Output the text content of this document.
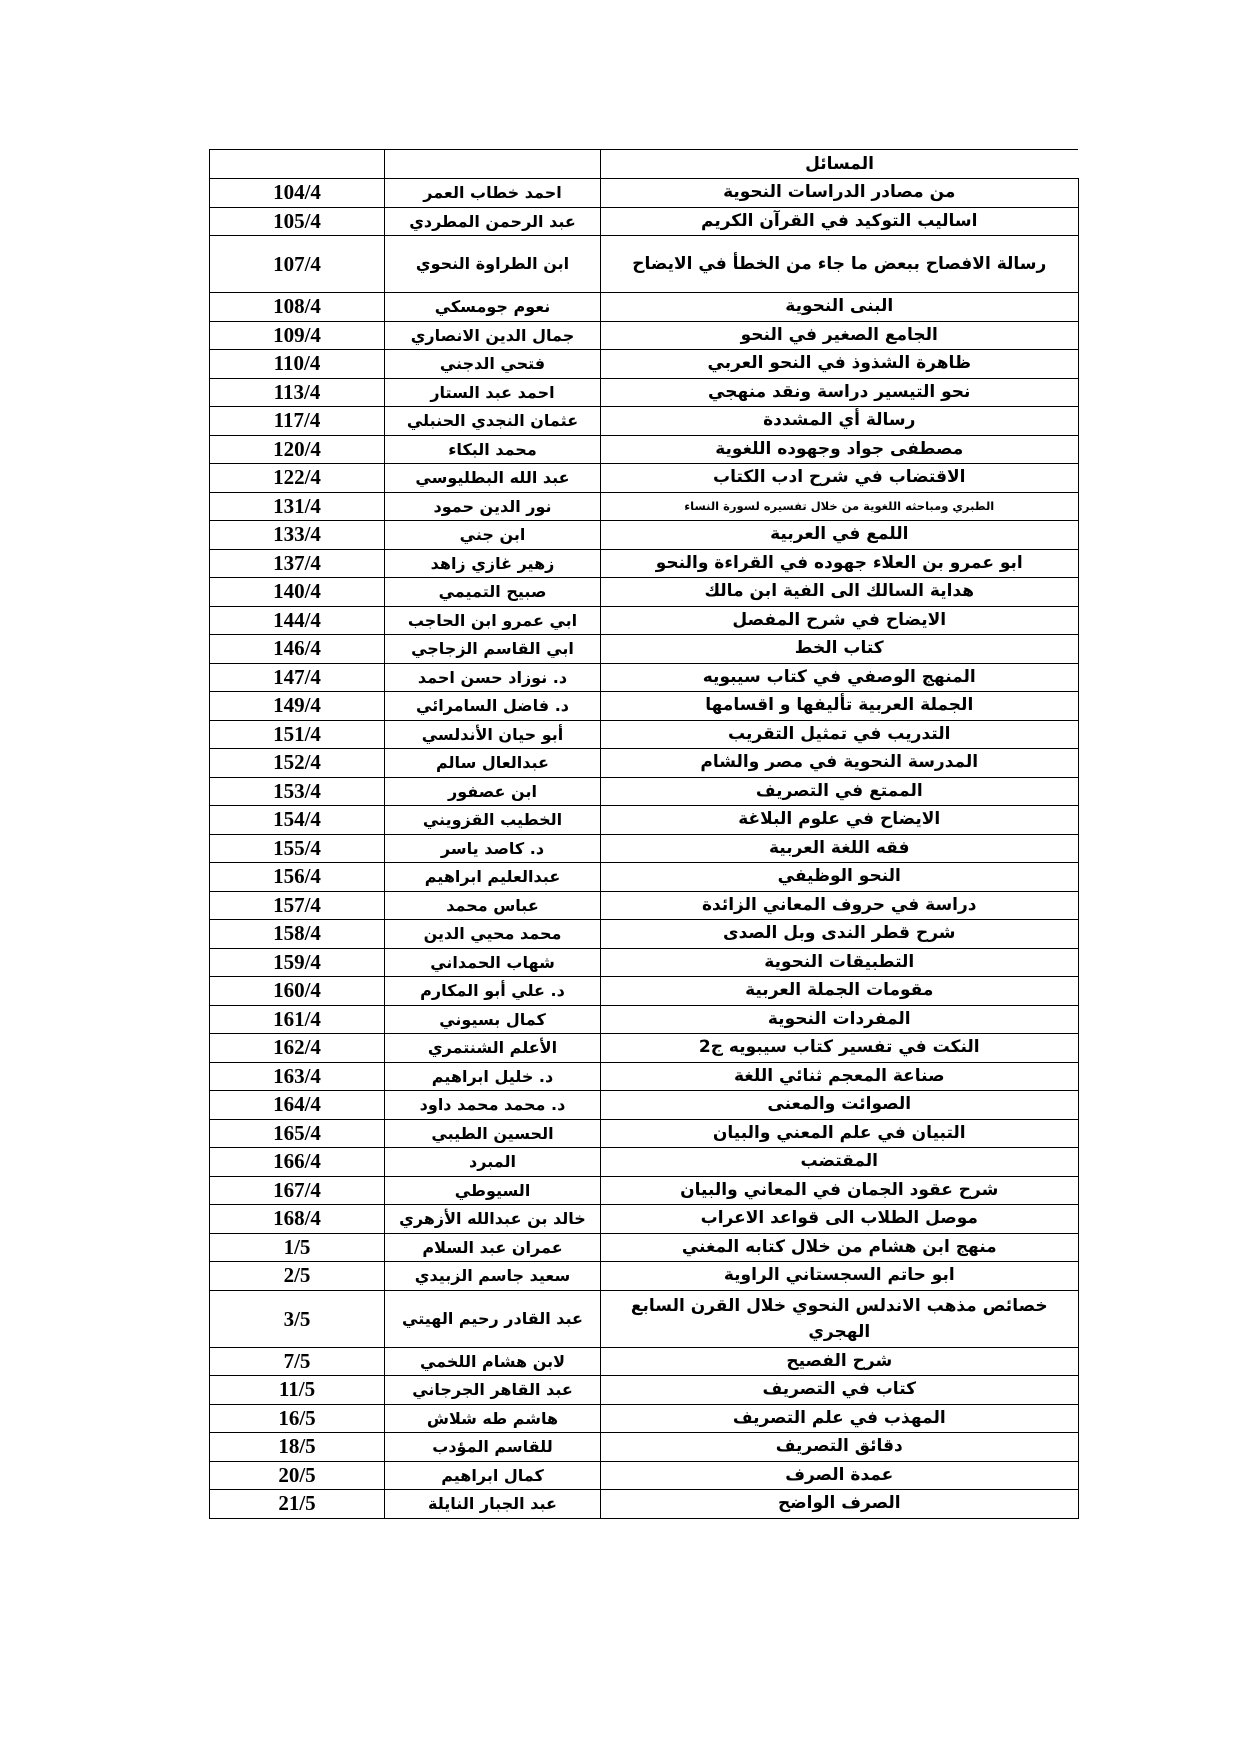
		المسائل
104/4	احمد خطاب العمر	من مصادر الدراسات النحوية
105/4	عبد الرحمن المطردي	اساليب التوكيد في القرآن الكريم
107/4	ابن الطراوة النحوي	رسالة الافصاح ببعض ما جاء من الخطأ في الايضاح
108/4	نعوم جومسكي	البنى النحوية
109/4	جمال الدين الانصاري	الجامع الصغير في النحو
110/4	فتحي الدجني	ظاهرة الشذوذ في النحو العربي
113/4	احمد عبد الستار	نحو التيسير دراسة ونقد منهجي
117/4	عثمان النجدي الحنبلي	رسالة أي المشددة
120/4	محمد البكاء	مصطفى جواد وجهوده اللغوية
122/4	عبد الله البطليوسي	الاقتضاب في شرح ادب الكتاب
131/4	نور الدين حمود	الطبري ومباحثه اللغوية من خلال تفسيره لسورة النساء
133/4	ابن جني	اللمع في العربية
137/4	زهير غازي زاهد	ابو عمرو بن العلاء جهوده في القراءة والنحو
140/4	صبيح التميمي	هداية السالك الى الفية ابن مالك
144/4	ابي عمرو ابن الحاجب	الايضاح في شرح المفصل
146/4	ابي القاسم الزجاجي	كتاب الخط
147/4	د. نوزاد حسن احمد	المنهج الوصفي في كتاب سيبويه
149/4	د. فاضل السامرائي	الجملة العربية تأليفها و اقسامها
151/4	أبو حيان الأندلسي	التدريب في تمثيل التقريب
152/4	عبدالعال سالم	المدرسة النحوية في مصر والشام
153/4	ابن عصفور	الممتع في التصريف
154/4	الخطيب القزويني	الايضاح في علوم البلاغة
155/4	د. كاصد ياسر	فقه اللغة العربية
156/4	عبدالعليم ابراهيم	النحو الوظيفي
157/4	عباس محمد	دراسة في حروف المعاني الزائدة
158/4	محمد محيي الدين	شرح قطر الندى وبل الصدى
159/4	شهاب الحمداني	التطبيقات النحوية
160/4	د. علي أبو المكارم	مقومات الجملة العربية
161/4	كمال بسيوني	المفردات النحوية
162/4	الأعلم الشنتمري	النكت في تفسير كتاب سيبويه ج2
163/4	د. خليل ابراهيم	صناعة المعجم ثنائي اللغة
164/4	د. محمد محمد داود	الصوائت والمعنى
165/4	الحسين الطيبي	التبيان في علم المعني والبيان
166/4	المبرد	المقتضب
167/4	السيوطي	شرح عقود الجمان في المعاني والبيان
168/4	خالد بن عبدالله الأزهري	موصل الطلاب الى قواعد الاعراب
1/5	عمران عبد السلام	منهج ابن هشام من خلال كتابه المغني
2/5	سعيد جاسم الزبيدي	ابو حاتم السجستاني الراوية
3/5	عبد القادر رحيم الهيتي	خصائص مذهب الاندلس النحوي خلال القرن السابع الهجري
7/5	لابن هشام اللخمي	شرح الفصيح
11/5	عبد القاهر الجرجاني	كتاب في التصريف
16/5	هاشم طه شلاش	المهذب في علم التصريف
18/5	للقاسم المؤدب	دقائق التصريف
20/5	كمال ابراهيم	عمدة الصرف
21/5	عبد الجبار النايلة	الصرف الواضح
